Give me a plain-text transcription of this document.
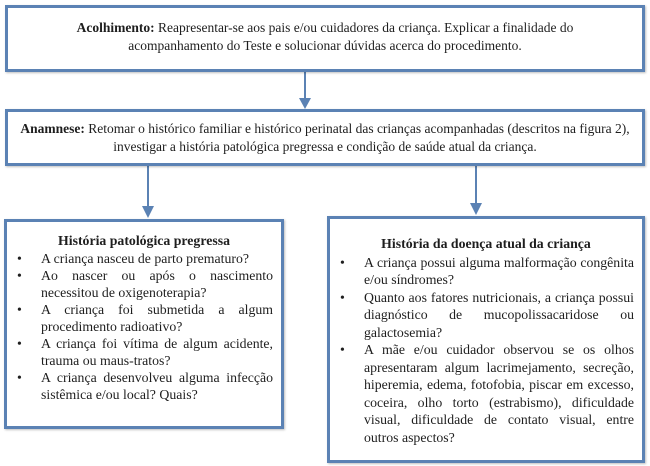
Acolhimento: Reapresentar-se aos pais e/ou cuidadores da criança. Explicar a finalidade do acompanhamento do Teste e solucionar dúvidas acerca do procedimento.
Anamnese: Retomar o histórico familiar e histórico perinatal das crianças acompanhadas (descritos na figura 2), investigar a história patológica pregressa e condição de saúde atual da criança.
História patológica pregressa
• A criança nasceu de parto prematuro?
• Ao nascer ou após o nascimento necessitou de oxigenoterapia?
• A criança foi submetida a algum procedimento radioativo?
• A criança foi vítima de algum acidente, trauma ou maus-tratos?
• A criança desenvolveu alguma infecção sistêmica e/ou local? Quais?
História da doença atual da criança
• A criança possui alguma malformação congênita e/ou síndromes?
• Quanto aos fatores nutricionais, a criança possui diagnóstico de mucopolissacaridose ou galactosemia?
• A mãe e/ou cuidador observou se os olhos apresentaram algum lacrimejamento, secreção, hiperemia, edema, fotofobia, piscar em excesso, coceira, olho torto (estrabismo), dificuldade visual, dificuldade de contato visual, entre outros aspectos?
